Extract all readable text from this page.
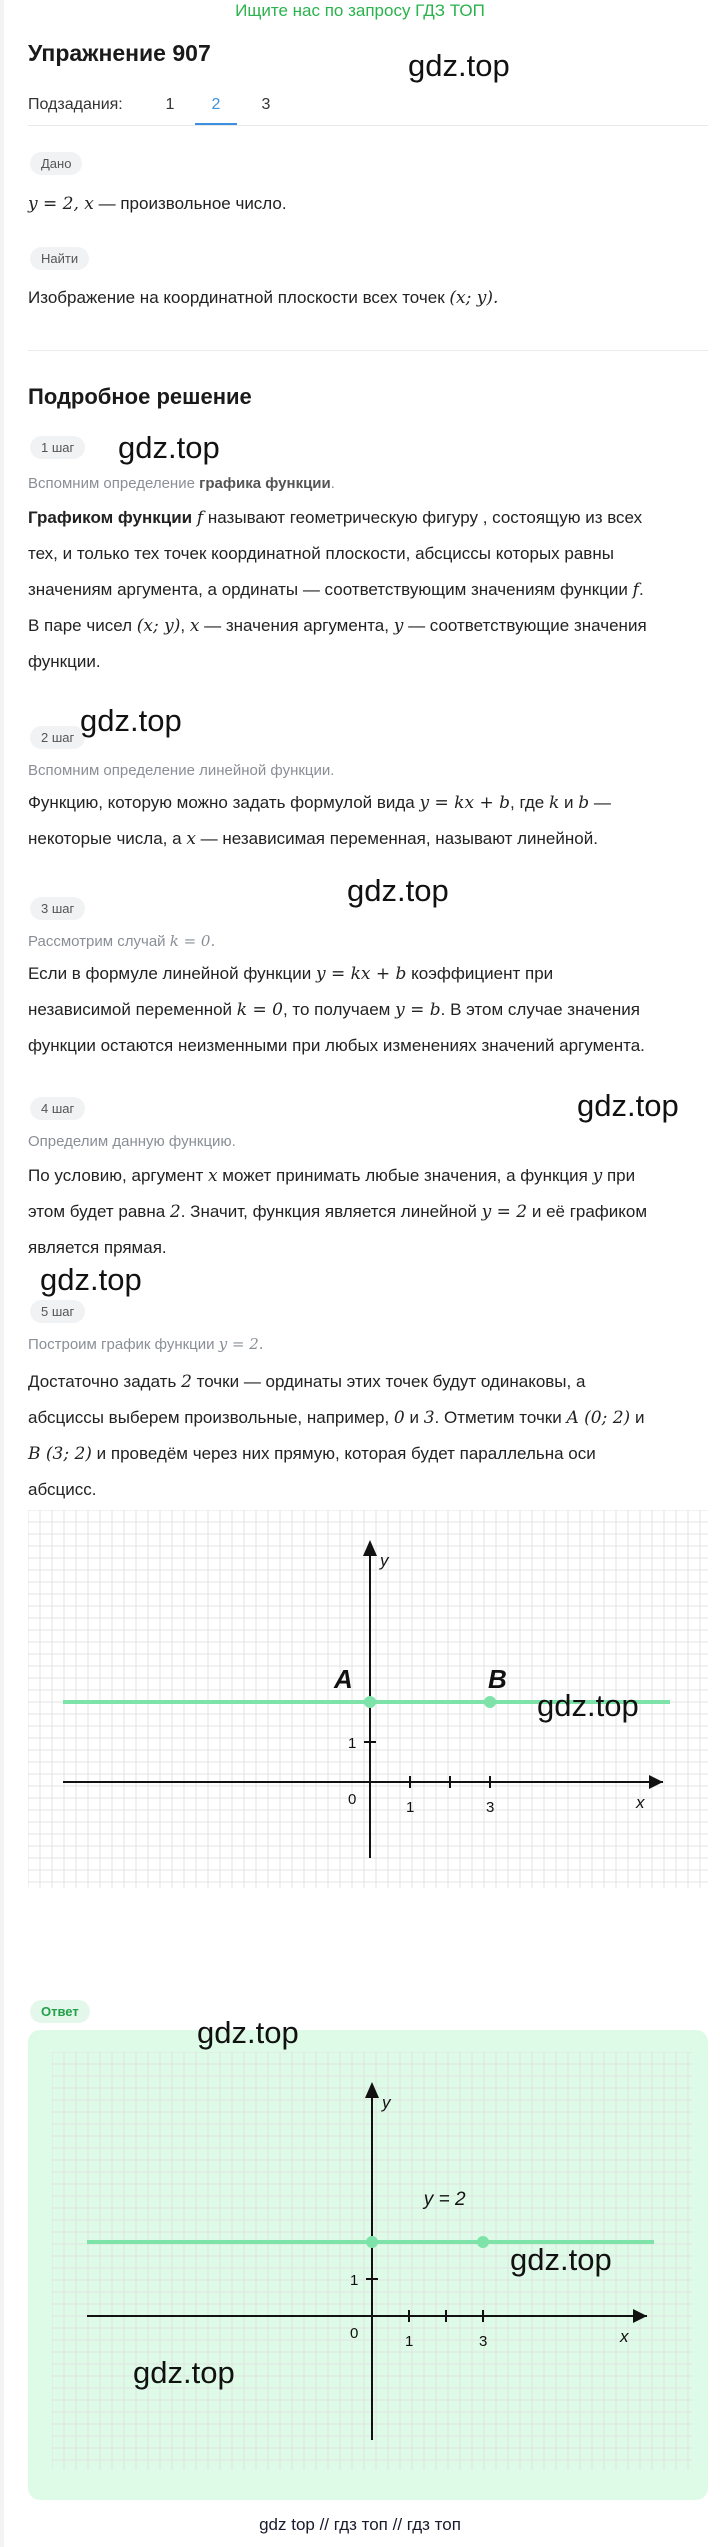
Ищите нас по запросу ГДЗ ТОП
Упражнение 907	gdz.top
Подзадания:	1	2	3
Дано
y = 2, x — произвольное число.
Найти
Изображение на координатной плоскости всех точек (x; y).
Подробное решение
1 шаг	gdz.top
Вспомним определение графика функции.
Графиком функции f называют геометрическую фигуру , состоящую из всех
тех, и только тех точек координатной плоскости, абсциссы которых равны
значениям аргумента, а ординаты — соответствующим значениям функции f.
В паре чисел (x; y), x — значения аргумента, y — соответствующие значения
функции.
2 шаг gdz.top
Вспомним определение линейной функции.
Функцию, которую можно задать формулой вида y = kx + b, где k и b —
некоторые числа, а x — независимая переменная, называют линейной.
3 шаг
gdz.top
Рассмотрим случай k = 0.
Если в формуле линейной функции y = kx + b коэффициент при
независимой переменной k = 0, то получаем y = b. В этом случае значения
функции остаются неизменными при любых изменениях значений аргумента.
4 шаг	gdz.top
Определим данную функцию.
По условию, аргумент x может принимать любые значения, а функция y при
этом будет равна 2. Значит, функция является линейной y = 2 и её графиком
является прямая.
gdz.top
5 шаг
Построим график функции y = 2.
Достаточно задать 2 точки — ординаты этих точек будут одинаковы, а
абсциссы выберем произвольные, например, 0 и 3. Отметим точки A (0; 2) и
B (3; 2) и проведём через них прямую, которая будет параллельна оси
абсцисс.
0	1	3
1
x
y
A	B
gdz.top
Ответ
0	1	3
1
x
y
y = 2
gdz.top
gdz.top
gdz.top
gdz top // гдз топ // гдз топ
